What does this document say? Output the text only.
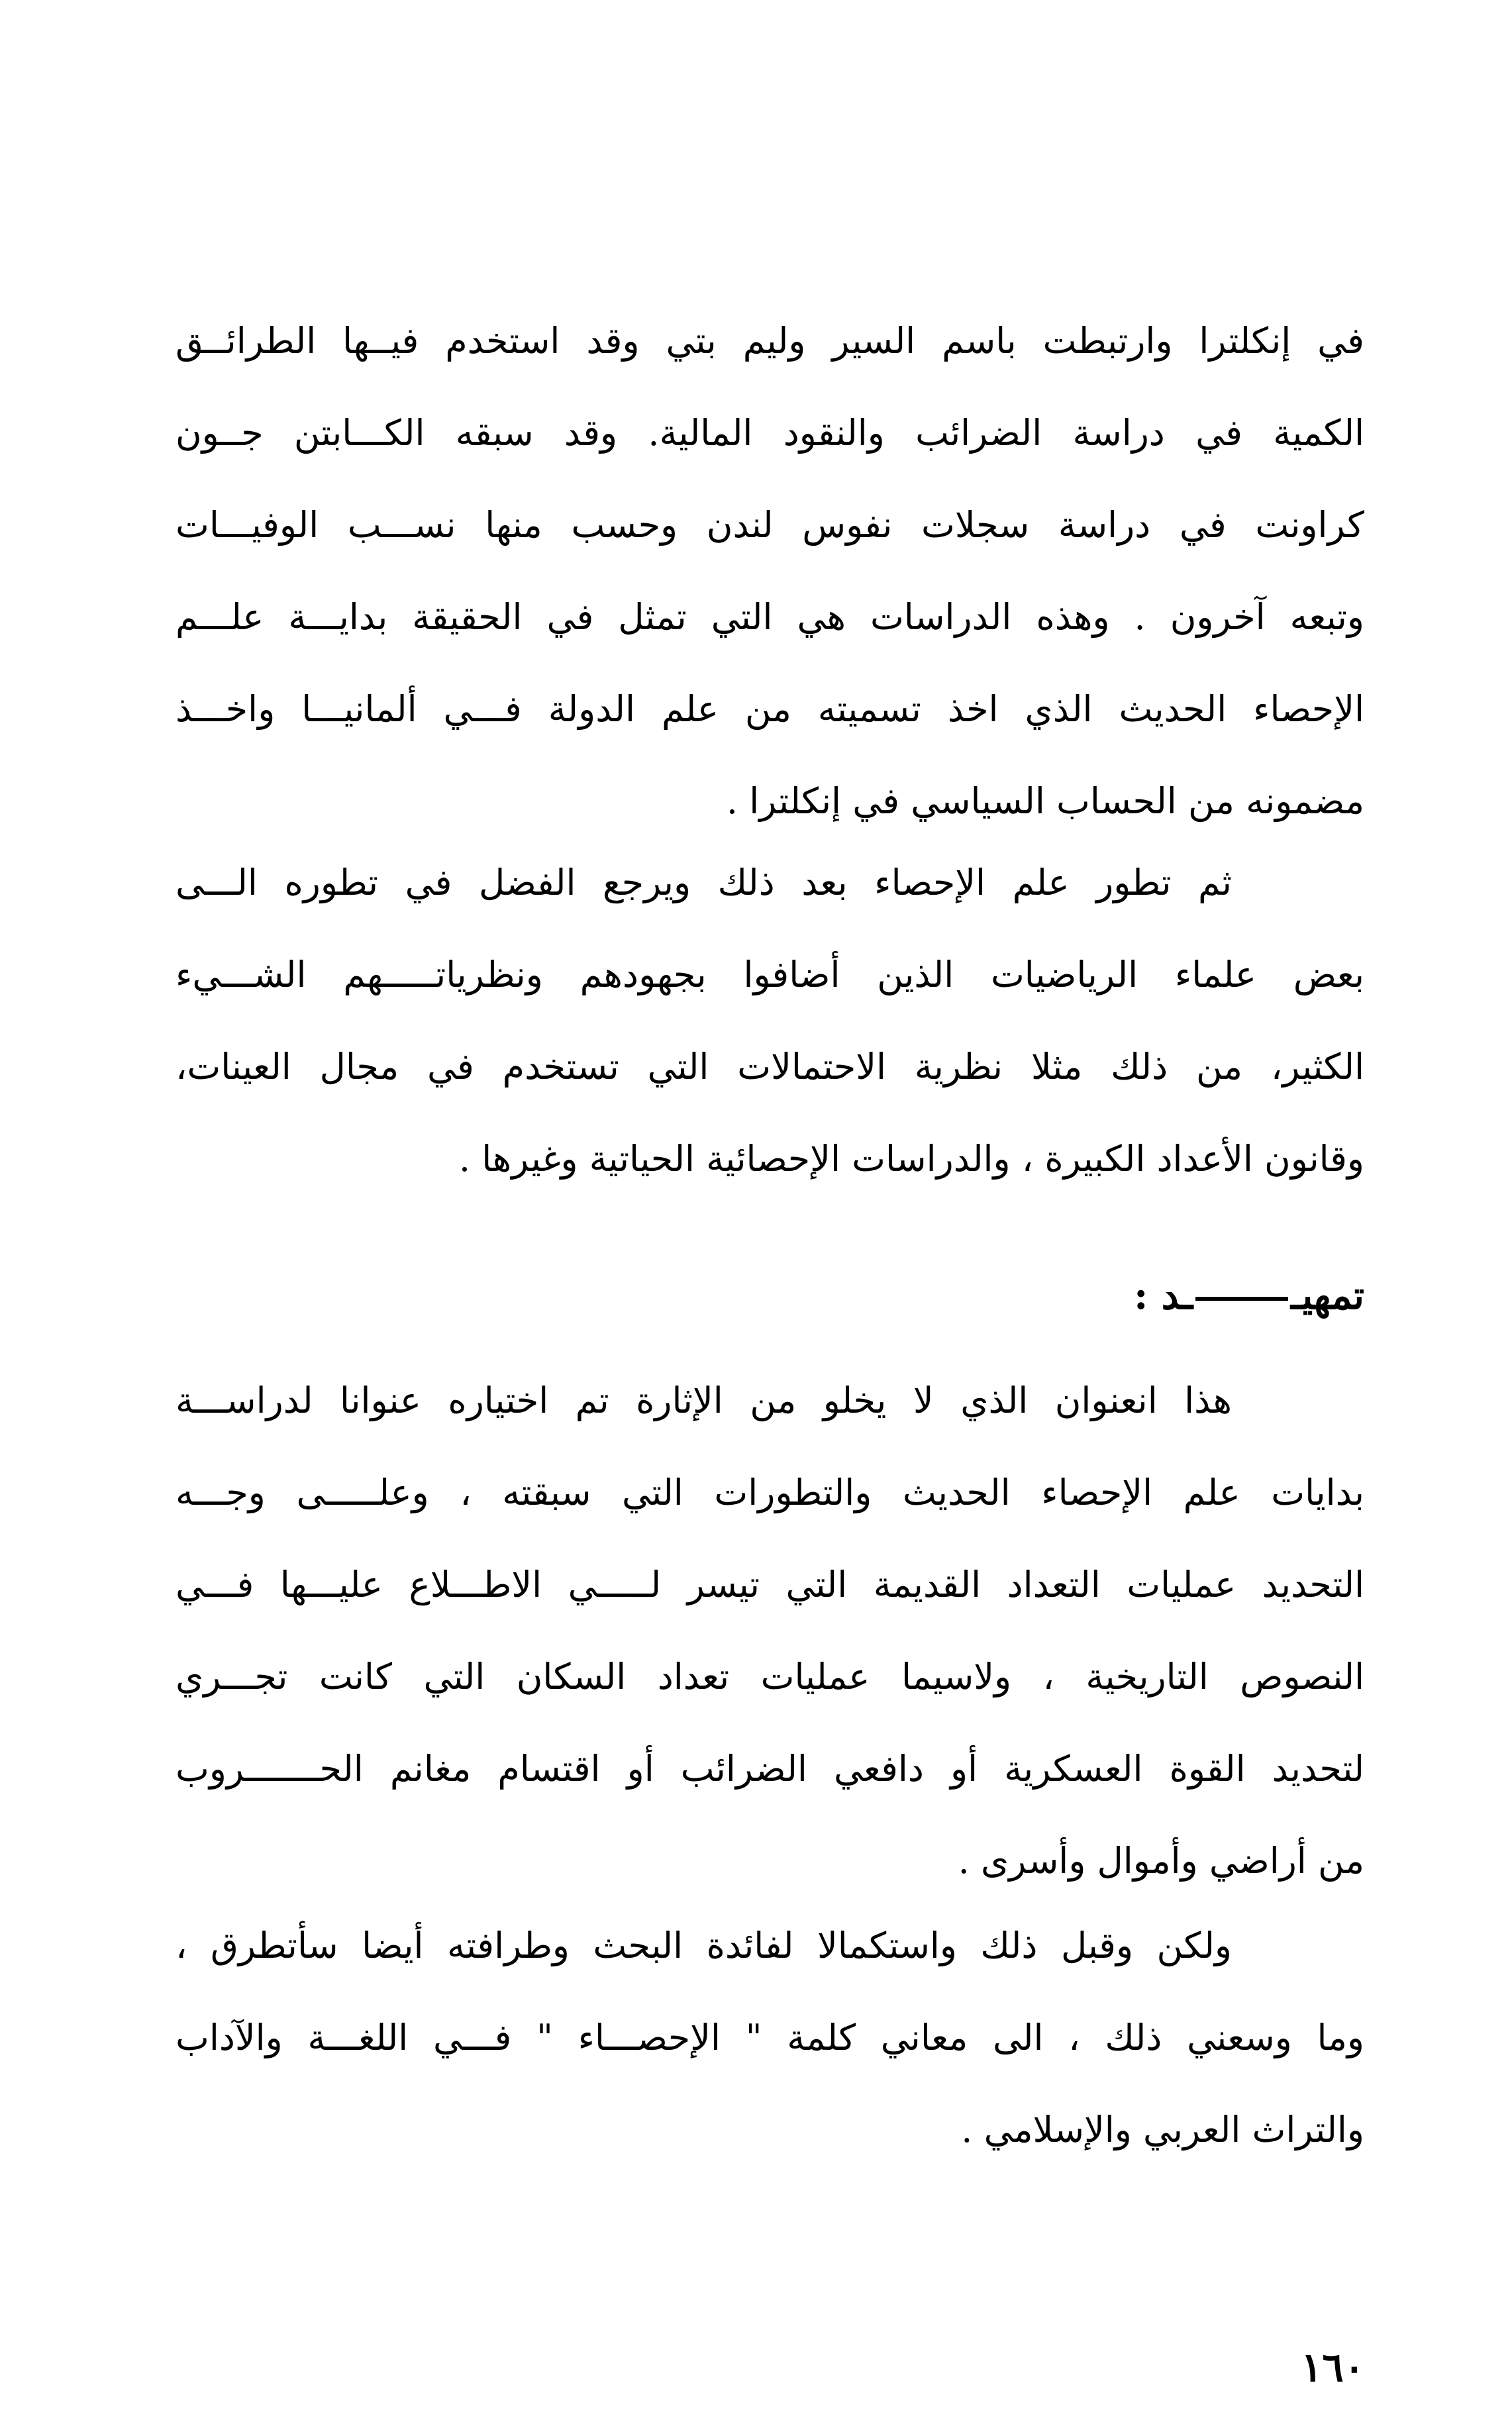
في إنكلترا وارتبطت باسم السير وليم بتي وقد استخدم فيــها الطرائــق
الكمية في دراسة الضرائب والنقود المالية. وقد سبقه الكـــابتن جــون
كراونت في دراسة سجلات نفوس لندن وحسب منها نســـب الوفيـــات
وتبعه آخرون . وهذه الدراسات هي التي تمثل في الحقيقة بدايـــة علـــم
الإحصاء الحديث الذي اخذ تسميته من علم الدولة فـــي ألمانيـــا واخـــذ
مضمونه من الحساب السياسي في إنكلترا .
ثم تطور علم الإحصاء بعد ذلك ويرجع الفضل في تطوره الـــى
بعض علماء الرياضيات الذين أضافوا بجهودهم ونظرياتـــــهم الشـــيء
الكثير، من ذلك مثلا نظرية الاحتمالات التي تستخدم في مجال العينات،
وقانون الأعداد الكبيرة ، والدراسات الإحصائية الحياتية وغيرها .
تمهيــد :
هذا انعنوان الذي لا يخلو من الإثارة تم اختياره عنوانا لدراســـة
بدايات علم الإحصاء الحديث والتطورات التي سبقته ، وعلـــــى وجـــه
التحديد عمليات التعداد القديمة التي تيسر لـــــي الاطـــلاع عليـــها فـــي
النصوص التاريخية ، ولاسيما عمليات تعداد السكان التي كانت تجـــري
لتحديد القوة العسكرية أو دافعي الضرائب أو اقتسام مغانم الحـــــــروب
من أراضي وأموال وأسرى .
ولكن وقبل ذلك واستكمالا لفائدة البحث وطرافته أيضا سأتطرق ،
وما وسعني ذلك ، الى معاني كلمة " الإحصـــاء " فـــي اللغـــة والآداب
والتراث العربي والإسلامي .
١٦٠
